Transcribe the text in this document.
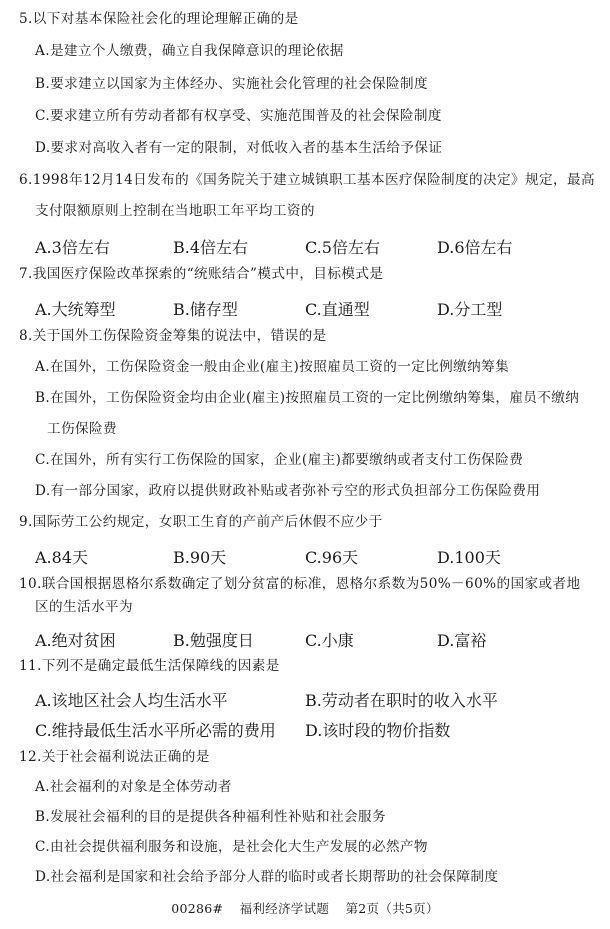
5.以下对基本保险社会化的理论理解正确的是
A.是建立个人缴费，确立自我保障意识的理论依据
B.要求建立以国家为主体经办、实施社会化管理的社会保险制度
C.要求建立所有劳动者都有权享受、实施范围普及的社会保险制度
D.要求对高收入者有一定的限制，对低收入者的基本生活给予保证
6.1998年12月14日发布的《国务院关于建立城镇职工基本医疗保险制度的决定》规定，最高
支付限额原则上控制在当地职工年平均工资的
A.3倍左右	B.4倍左右	C.5倍左右	D.6倍左右
7.我国医疗保险改革探索的“统账结合”模式中，目标模式是
A.大统筹型	B.储存型	C.直通型	D.分工型
8.关于国外工伤保险资金筹集的说法中，错误的是
A.在国外，工伤保险资金一般由企业(雇主)按照雇员工资的一定比例缴纳筹集
B.在国外，工伤保险资金均由企业(雇主)按照雇员工资的一定比例缴纳筹集，雇员不缴纳
工伤保险费
C.在国外，所有实行工伤保险的国家，企业(雇主)都要缴纳或者支付工伤保险费
D.有一部分国家，政府以提供财政补贴或者弥补亏空的形式负担部分工伤保险费用
9.国际劳工公约规定，女职工生育的产前产后休假不应少于
A.84天	B.90天	C.96天	D.100天
10.联合国根据恩格尔系数确定了划分贫富的标准，恩格尔系数为50%－60%的国家或者地
区的生活水平为
A.绝对贫困	B.勉强度日	C.小康	D.富裕
11.下列不是确定最低生活保障线的因素是
A.该地区社会人均生活水平	B.劳动者在职时的收入水平
C.维持最低生活水平所必需的费用 D.该时段的物价指数
12.关于社会福利说法正确的是
A.社会福利的对象是全体劳动者
B.发展社会福利的目的是提供各种福利性补贴和社会服务
C.由社会提供福利服务和设施，是社会化大生产发展的必然产物
D.社会福利是国家和社会给予部分人群的临时或者长期帮助的社会保障制度
00286# 福利经济学试题 第2页（共5页）
